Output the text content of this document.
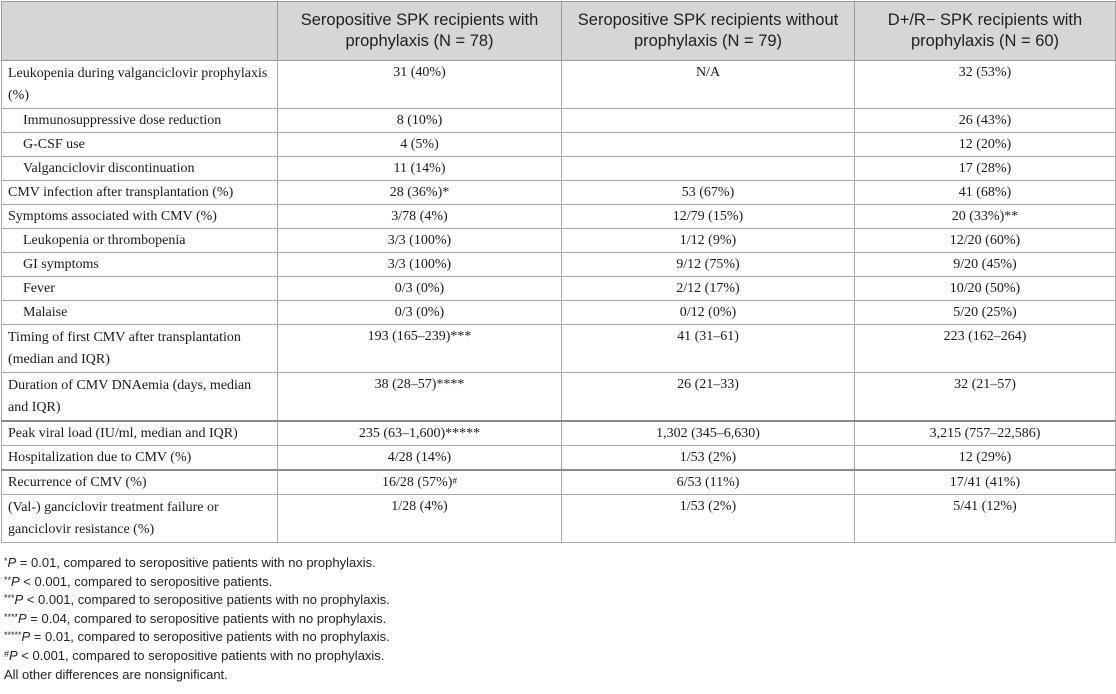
	Seropositive SPK recipients with prophylaxis (N = 78)	Seropositive SPK recipients without prophylaxis (N = 79)	D+/R− SPK recipients with prophylaxis (N = 60)
Leukopenia during valganciclovir prophylaxis (%)	31 (40%)	N/A	32 (53%)
Immunosuppressive dose reduction	8 (10%)		26 (43%)
G-CSF use	4 (5%)		12 (20%)
Valganciclovir discontinuation	11 (14%)		17 (28%)
CMV infection after transplantation (%)	28 (36%)*	53 (67%)	41 (68%)
Symptoms associated with CMV (%)	3/78 (4%)	12/79 (15%)	20 (33%)**
Leukopenia or thrombopenia	3/3 (100%)	1/12 (9%)	12/20 (60%)
GI symptoms	3/3 (100%)	9/12 (75%)	9/20 (45%)
Fever	0/3 (0%)	2/12 (17%)	10/20 (50%)
Malaise	0/3 (0%)	0/12 (0%)	5/20 (25%)
Timing of first CMV after transplantation (median and IQR)	193 (165–239)***	41 (31–61)	223 (162–264)
Duration of CMV DNAemia (days, median and IQR)	38 (28–57)****	26 (21–33)	32 (21–57)
Peak viral load (IU/ml, median and IQR)	235 (63–1,600)*****	1,302 (345–6,630)	3,215 (757–22,586)
Hospitalization due to CMV (%)	4/28 (14%)	1/53 (2%)	12 (29%)
Recurrence of CMV (%)	16/28 (57%)#	6/53 (11%)	17/41 (41%)
(Val-) ganciclovir treatment failure or ganciclovir resistance (%)	1/28 (4%)	1/53 (2%)	5/41 (12%)
*P = 0.01, compared to seropositive patients with no prophylaxis.
**P < 0.001, compared to seropositive patients.
***P < 0.001, compared to seropositive patients with no prophylaxis.
****P = 0.04, compared to seropositive patients with no prophylaxis.
*****P = 0.01, compared to seropositive patients with no prophylaxis.
#P < 0.001, compared to seropositive patients with no prophylaxis.
All other differences are nonsignificant.
